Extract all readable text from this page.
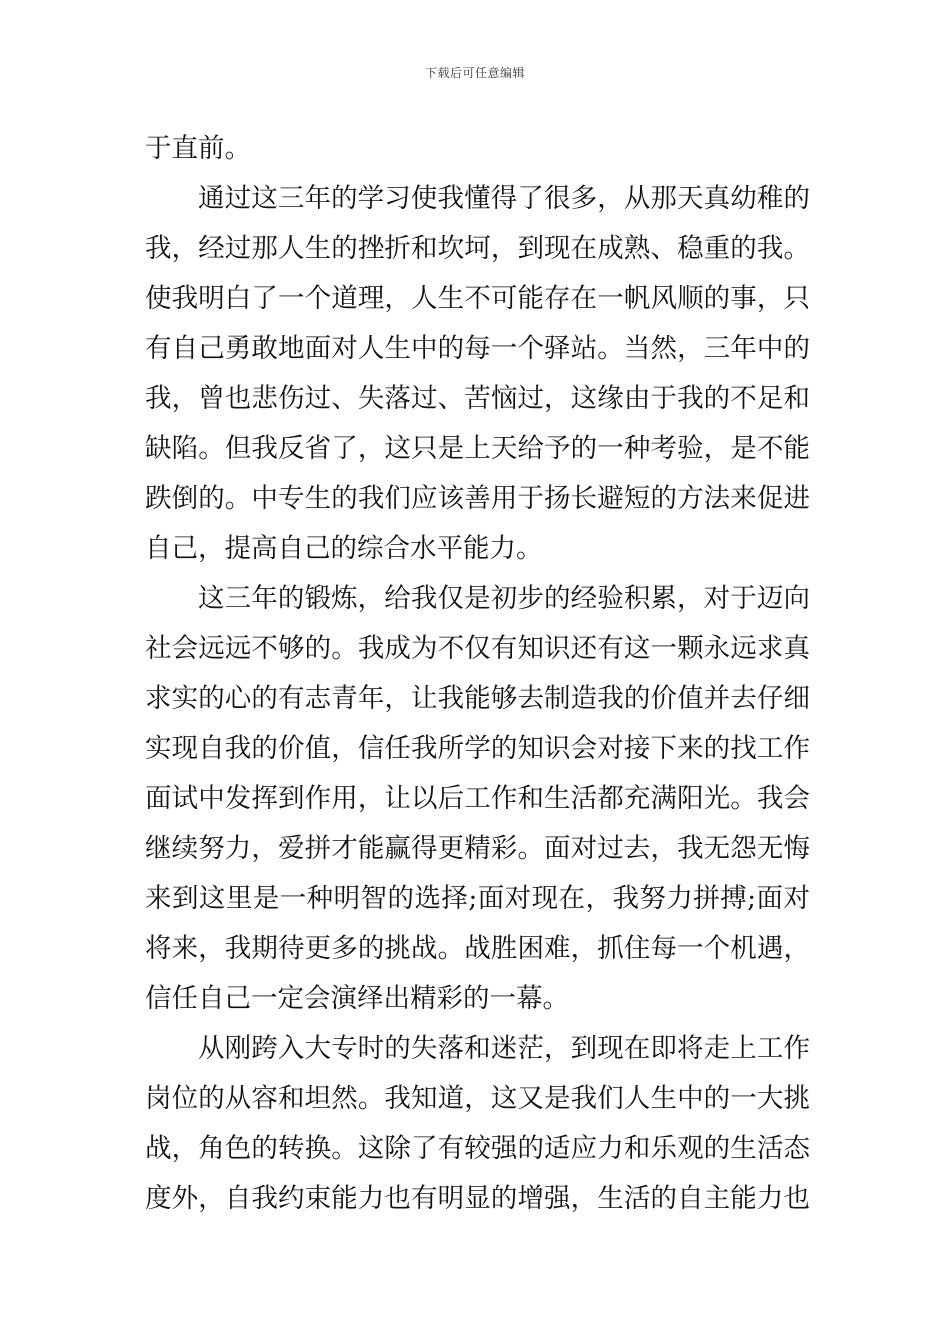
下载后可任意编辑
于直前。
通过这三年的学习使我懂得了很多，从那天真幼稚的
我，经过那人生的挫折和坎坷，到现在成熟、稳重的我。
使我明白了一个道理，人生不可能存在一帆风顺的事，只
有自己勇敢地面对人生中的每一个驿站。当然，三年中的
我，曾也悲伤过、失落过、苦恼过，这缘由于我的不足和
缺陷。但我反省了，这只是上天给予的一种考验，是不能
跌倒的。中专生的我们应该善用于扬长避短的方法来促进
自己，提高自己的综合水平能力。
这三年的锻炼，给我仅是初步的经验积累，对于迈向
社会远远不够的。我成为不仅有知识还有这一颗永远求真
求实的心的有志青年，让我能够去制造我的价值并去仔细
实现自我的价值，信任我所学的知识会对接下来的找工作
面试中发挥到作用，让以后工作和生活都充满阳光。我会
继续努力，爱拼才能赢得更精彩。面对过去，我无怨无悔
来到这里是一种明智的选择;面对现在，我努力拼搏;面对
将来，我期待更多的挑战。战胜困难，抓住每一个机遇，
信任自己一定会演绎出精彩的一幕。
从刚跨入大专时的失落和迷茫，到现在即将走上工作
岗位的从容和坦然。我知道，这又是我们人生中的一大挑
战，角色的转换。这除了有较强的适应力和乐观的生活态
度外，自我约束能力也有明显的增强，生活的自主能力也
